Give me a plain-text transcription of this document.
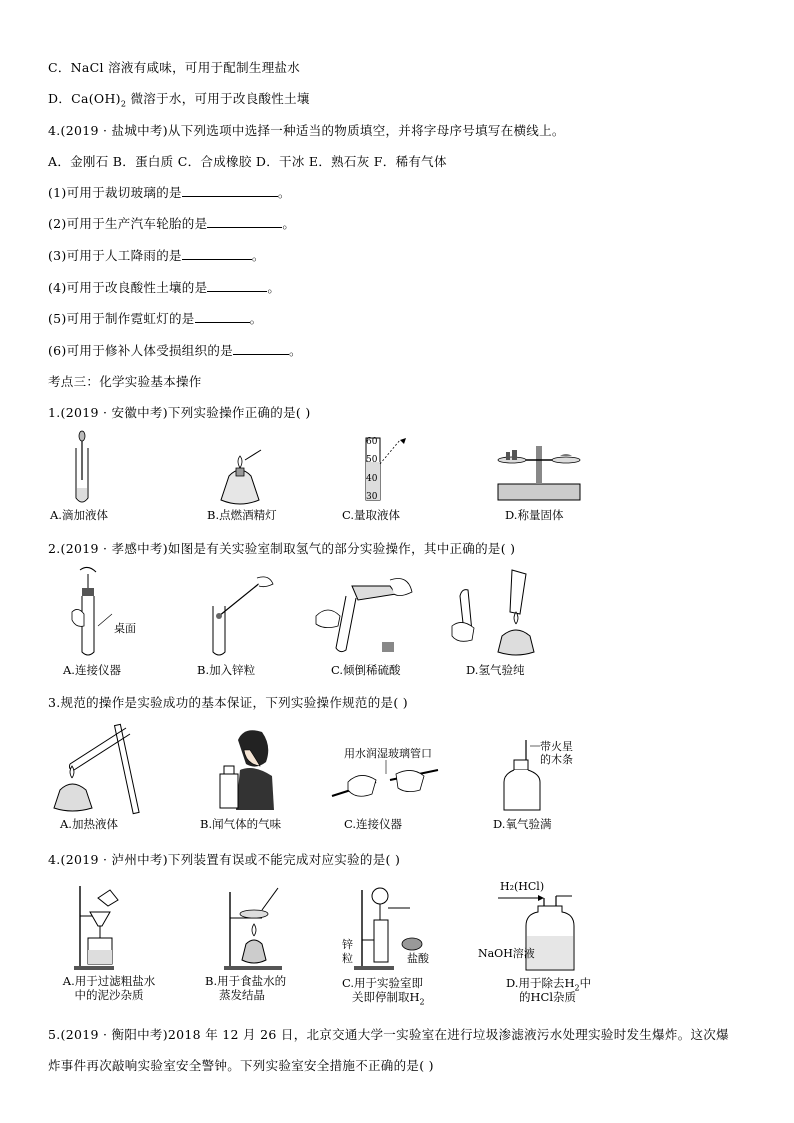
C．NaCl 溶液有咸味，可用于配制生理盐水
D．$Ca(OH)_2$ 微溶于水，可用于改良酸性土壤
4.(2019 · 盐城中考)从下列选项中选择一种适当的物质填空，并将字母序号填写在横线上。
A．金刚石 B．蛋白质 C．合成橡胶 D．干冰 E．熟石灰 F．稀有气体
(1)可用于裁切玻璃的是	。
(2)可用于生产汽车轮胎的是	。
(3)可用于人工降雨的是	。
(4)可用于改良酸性土壤的是	。
(5)可用于制作霓虹灯的是	。
(6)可用于修补人体受损组织的是	。
考点三：化学实验基本操作
1.(2019 · 安徽中考)下列实验操作正确的是( )
A.滴加液体	B.点燃酒精灯
60
50
40
30
C.量取液体	D.称量固体
2.(2019 · 孝感中考)如图是有关实验室制取氢气的部分实验操作，其中正确的是( )
桌面
A.连接仪器	B.加入锌粒	C.倾倒稀硫酸	D.氢气验纯
3.规范的操作是实验成功的基本保证，下列实验操作规范的是( )
A.加热液体	B.闻气体的气味
用水润湿玻璃管口
C.连接仪器
带火星
的木条
D.氧气验满
4.(2019 · 泸州中考)下列装置有误或不能完成对应实验的是( )
A.用于过滤粗盐水
中的泥沙杂质
B.用于食盐水的
蒸发结晶
锌
粒	盐酸
C.用于实验室即
关即停制取$H_2$
H₂(HCl)
NaOH溶液
D.用于除去$H_2$中
的HCl杂质
5.(2019 · 衡阳中考)2018 年 12 月 26 日，北京交通大学一实验室在进行垃圾渗滤液污水处理实验时发生爆炸。这次爆
炸事件再次敲响实验室安全警钟。下列实验室安全措施不正确的是( )
